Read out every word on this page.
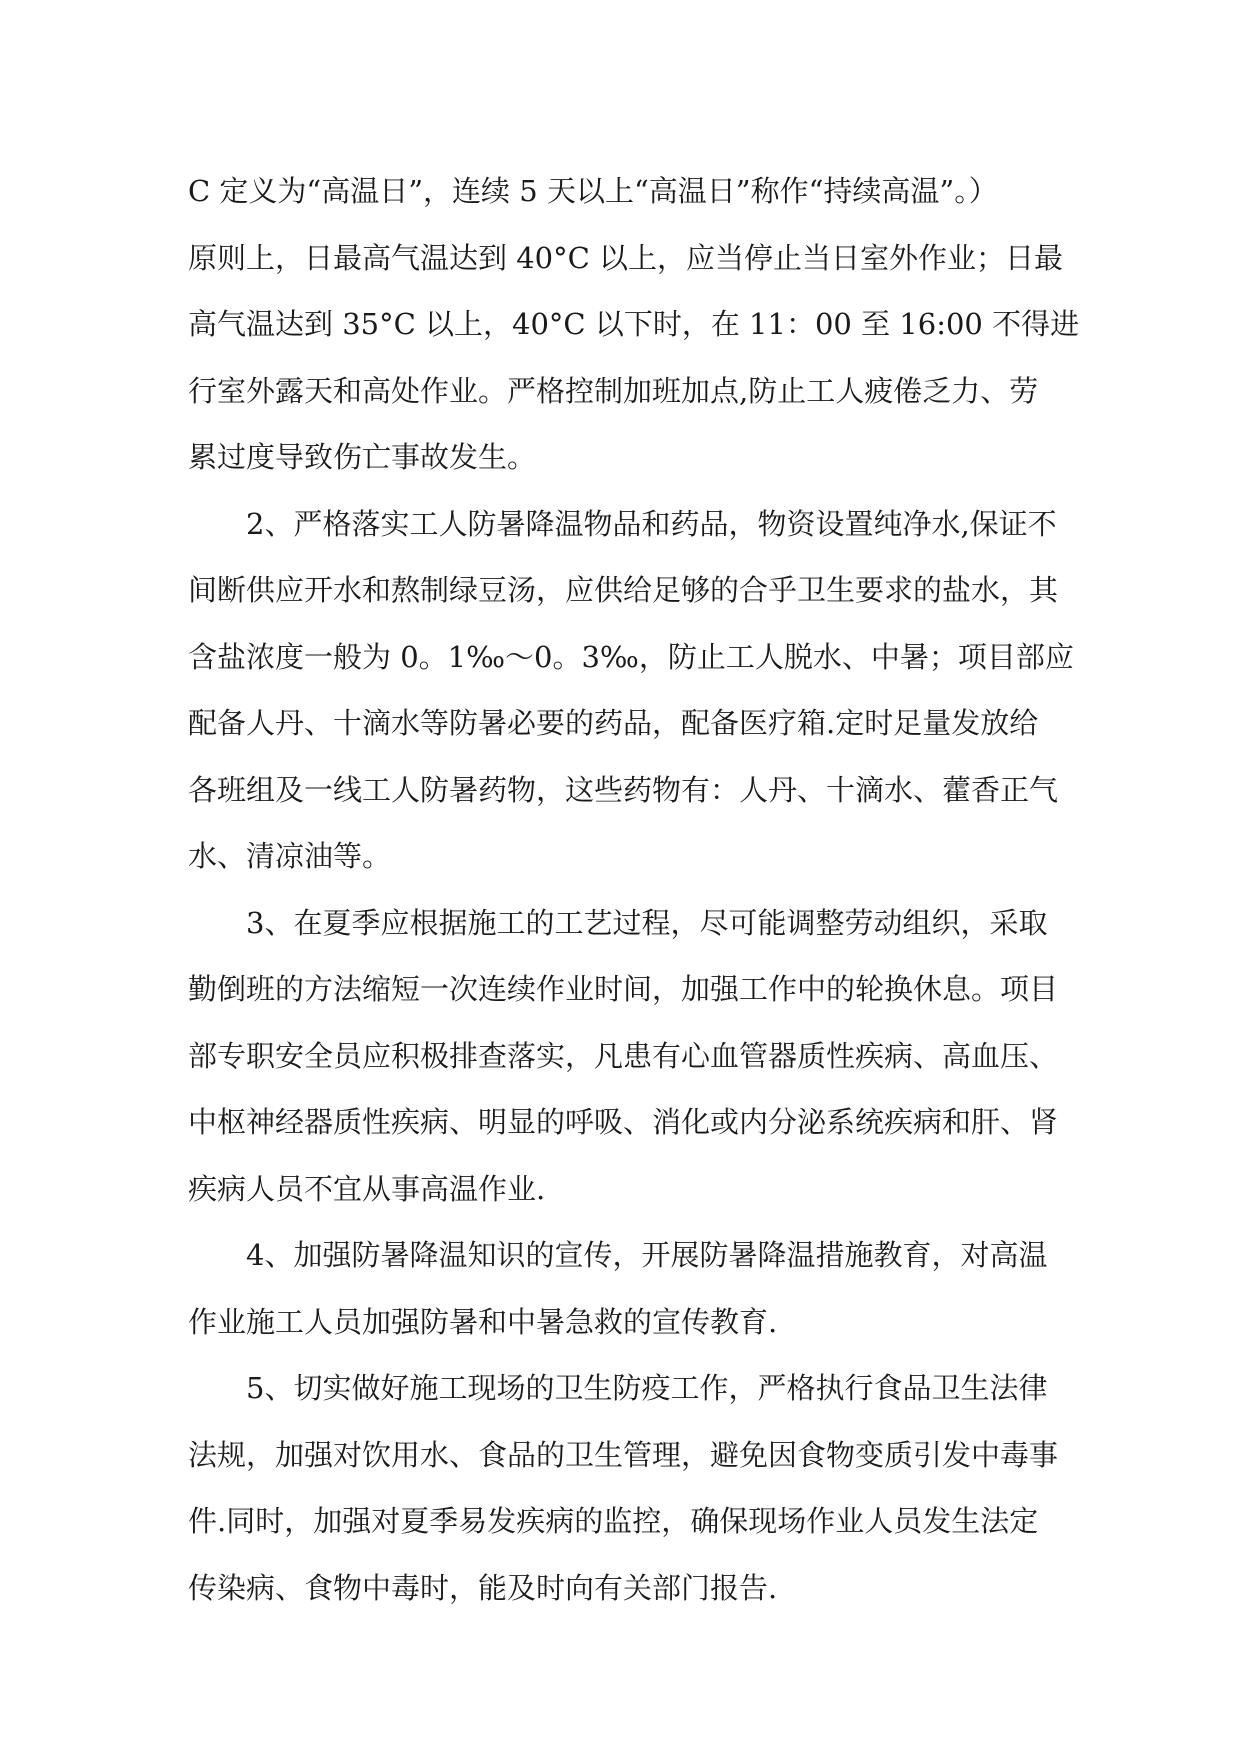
C 定义为“高温日”，连续 5 天以上“高温日”称作“持续高温”。）
原则上，日最高气温达到 40°C 以上，应当停止当日室外作业；日最
高气温达到 35°C 以上，40°C 以下时，在 11：00 至 16:00 不得进
行室外露天和高处作业。严格控制加班加点,防止工人疲倦乏力、劳
累过度导致伤亡事故发生。
　　2、严格落实工人防暑降温物品和药品，物资设置纯净水,保证不
间断供应开水和熬制绿豆汤，应供给足够的合乎卫生要求的盐水，其
含盐浓度一般为 0。1‰～0。3‰，防止工人脱水、中暑；项目部应
配备人丹、十滴水等防暑必要的药品，配备医疗箱.定时足量发放给
各班组及一线工人防暑药物，这些药物有：人丹、十滴水、藿香正气
水、清凉油等。
　　3、在夏季应根据施工的工艺过程，尽可能调整劳动组织，采取
勤倒班的方法缩短一次连续作业时间，加强工作中的轮换休息。项目
部专职安全员应积极排查落实，凡患有心血管器质性疾病、高血压、
中枢神经器质性疾病、明显的呼吸、消化或内分泌系统疾病和肝、肾
疾病人员不宜从事高温作业.
　　4、加强防暑降温知识的宣传，开展防暑降温措施教育，对高温
作业施工人员加强防暑和中暑急救的宣传教育.
　　5、切实做好施工现场的卫生防疫工作，严格执行食品卫生法律
法规，加强对饮用水、食品的卫生管理，避免因食物变质引发中毒事
件.同时，加强对夏季易发疾病的监控，确保现场作业人员发生法定
传染病、食物中毒时，能及时向有关部门报告.
